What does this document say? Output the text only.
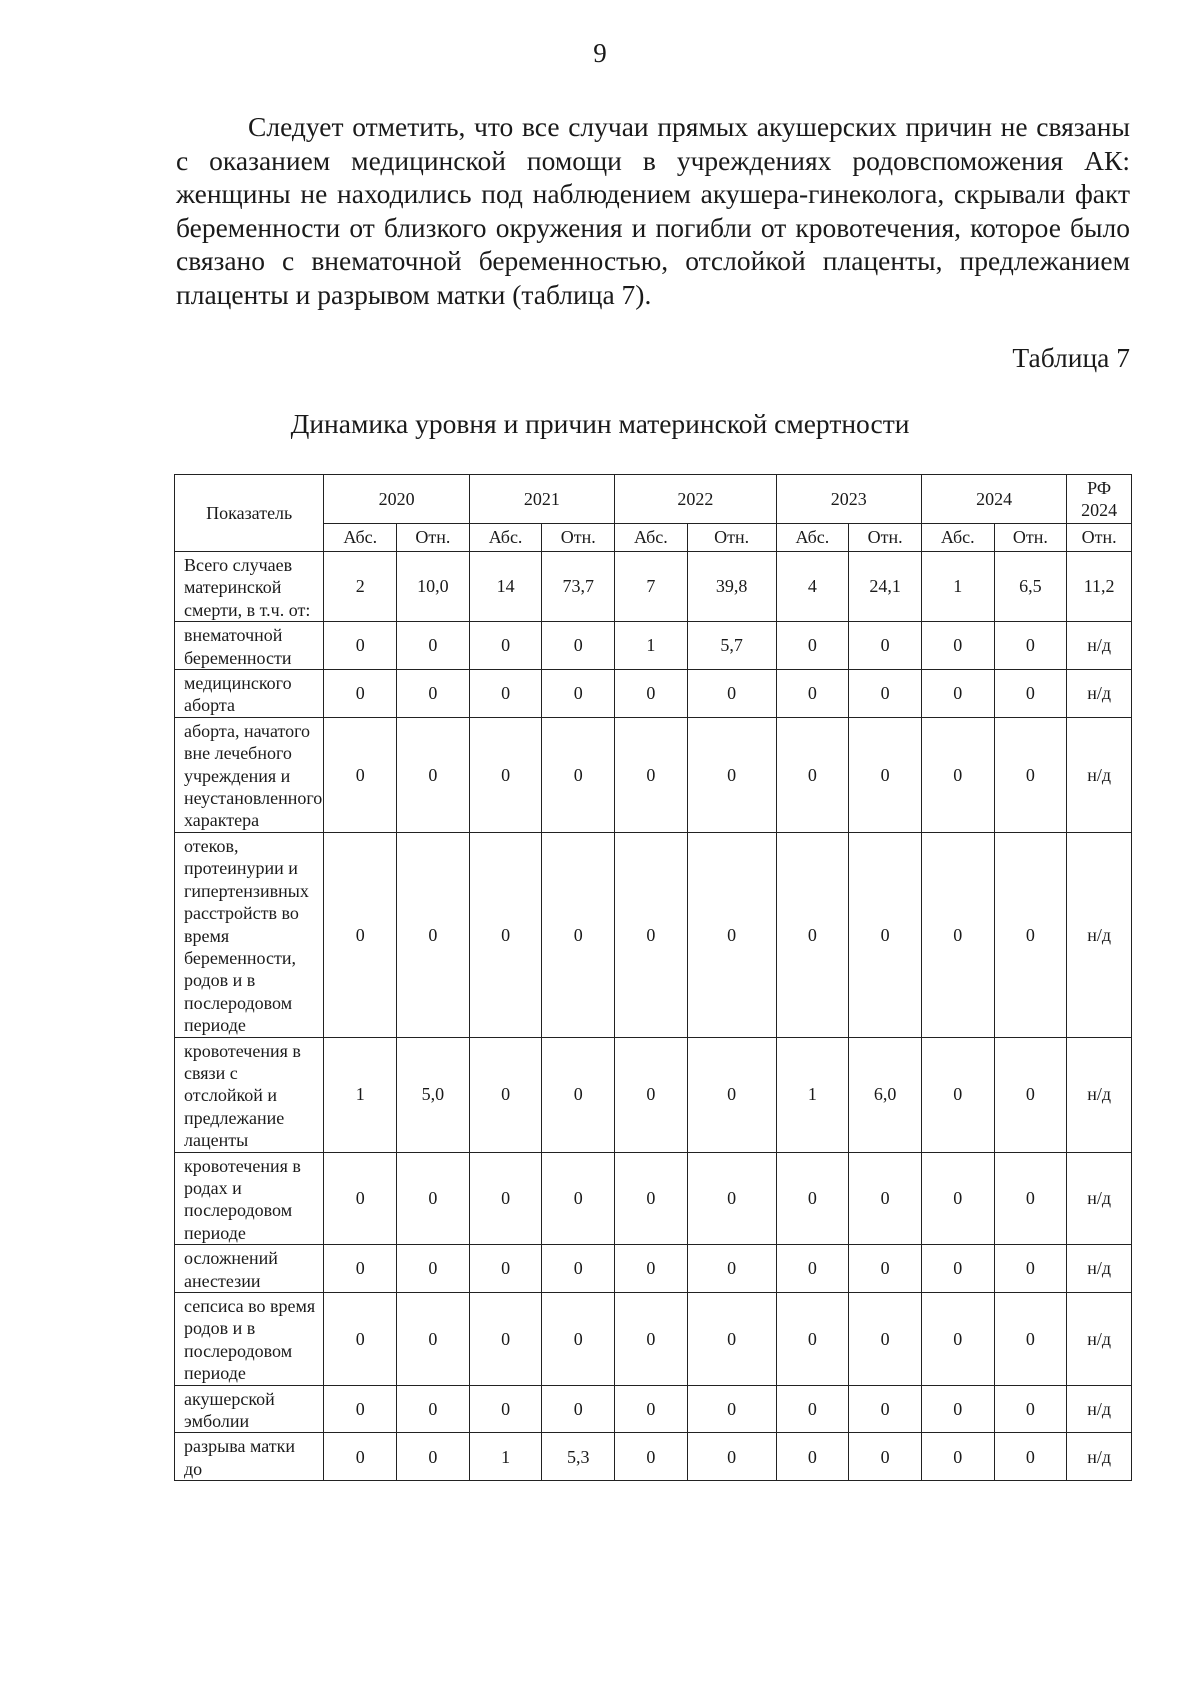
9

Следует отметить, что все случаи прямых акушерских причин не связаны с оказанием медицинской помощи в учреждениях родовспоможения АК: женщины не находились под наблюдением акушера-гинеколога, скрывали факт беременности от близкого окружения и погибли от кровотечения, которое было связано с внематочной беременностью, отслойкой плаценты, предлежанием плаценты и разрывом матки (таблица 7).

Таблица 7
Динамика уровня и причин материнской смертности
Показатель	2020		2021		2022		2023		2024		РФ 2024
	Абс.	Отн.	Абс.	Отн.	Абс.	Отн.	Абс.	Отн.	Абс.	Отн.	Отн.
Всего случаев материнской смерти, в т.ч. от:	2	10,0	14	73,7	7	39,8	4	24,1	1	6,5	11,2
внематочной беременности	0	0	0	0	1	5,7	0	0	0	0	н/д
медицинского аборта	0	0	0	0	0	0	0	0	0	0	н/д
аборта, начатого вне лечебного учреждения и неустановленного характера	0	0	0	0	0	0	0	0	0	0	н/д
отеков, протеинурии и гипертензивных расстройств во время беременности, родов и в послеродовом периоде	0	0	0	0	0	0	0	0	0	0	н/д
кровотечения в связи с отслойкой и предлежание лаценты	1	5,0	0	0	0	0	1	6,0	0	0	н/д
кровотечения в родах и послеродовом периоде	0	0	0	0	0	0	0	0	0	0	н/д
осложнений анестезии	0	0	0	0	0	0	0	0	0	0	н/д
сепсиса во время родов и в послеродовом периоде	0	0	0	0	0	0	0	0	0	0	н/д
акушерской эмболии	0	0	0	0	0	0	0	0	0	0	н/д
разрыва матки до	0	0	1	5,3	0	0	0	0	0	0	н/д
